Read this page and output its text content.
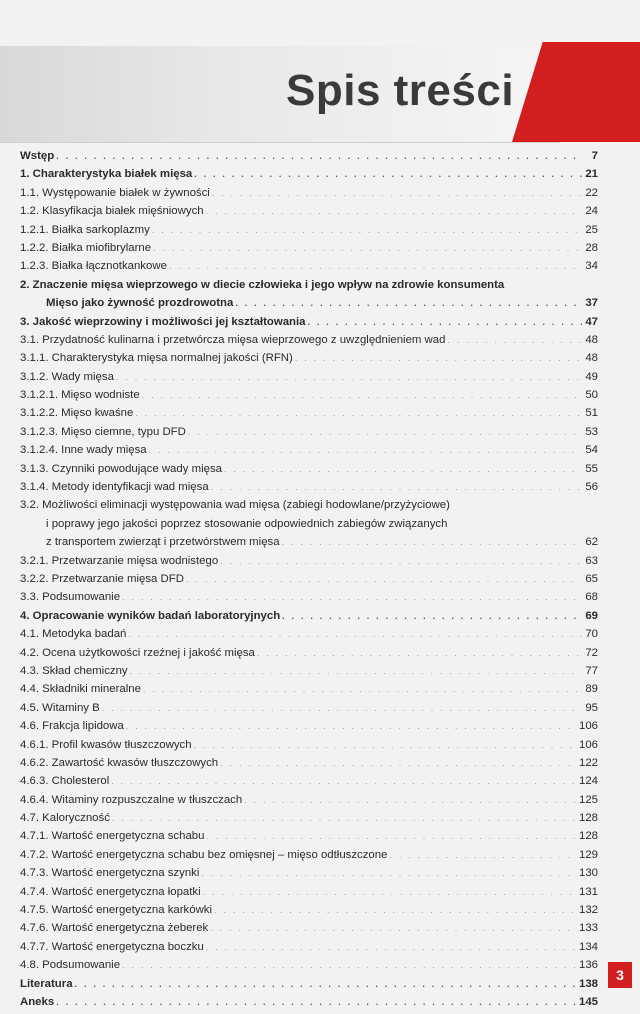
Spis treści
Wstęp . . .	7
1. Charakterystyka białek mięsa . . .	21
1.1. Występowanie białek w żywności . . .	22
1.2. Klasyfikacja białek mięśniowych . . .	24
1.2.1. Białka sarkoplazmy . . .	25
1.2.2. Białka miofibrylarne . . .	28
1.2.3. Białka łącznotkankowe . . .	34
2. Znaczenie mięsa wieprzowego w diecie człowieka i jego wpływ na zdrowie konsumenta
Mięso jako żywność prozdrowotna . . .	37
3. Jakość wieprzowiny i możliwości jej kształtowania . . .	47
3.1. Przydatność kulinarna i przetwórcza mięsa wieprzowego z uwzględnieniem wad . . .	48
3.1.1. Charakterystyka mięsa normalnej jakości (RFN) . . .	48
3.1.2. Wady mięsa . . .	49
3.1.2.1. Mięso wodniste . . .	50
3.1.2.2. Mięso kwaśne . . .	51
3.1.2.3. Mięso ciemne, typu DFD . . .	53
3.1.2.4. Inne wady mięsa . . .	54
3.1.3. Czynniki powodujące wady mięsa . . .	55
3.1.4. Metody identyfikacji wad mięsa . . .	56
3.2. Możliwości eliminacji występowania wad mięsa (zabiegi hodowlane/przyżyciowe)
i poprawy jego jakości poprzez stosowanie odpowiednich zabiegów związanych
z transportem zwierząt i przetwórstwem mięsa . . .	62
3.2.1. Przetwarzanie mięsa wodnistego . . .	63
3.2.2. Przetwarzanie mięsa DFD . . .	65
3.3. Podsumowanie . . .	68
4. Opracowanie wyników badań laboratoryjnych . . .	69
4.1. Metodyka badań . . .	70
4.2. Ocena użytkowości rzeźnej i jakość mięsa . . .	72
4.3. Skład chemiczny . . .	77
4.4. Składniki mineralne . . .	89
4.5. Witaminy B . . .	95
4.6. Frakcja lipidowa . . .	106
4.6.1. Profil kwasów tłuszczowych . . .	106
4.6.2. Zawartość kwasów tłuszczowych . . .	122
4.6.3. Cholesterol . . .	124
4.6.4. Witaminy rozpuszczalne w tłuszczach . . .	125
4.7. Kaloryczność . . .	128
4.7.1. Wartość energetyczna schabu . . .	128
4.7.2. Wartość energetyczna schabu bez omięsnej – mięso odtłuszczone . . .	129
4.7.3. Wartość energetyczna szynki . . .	130
4.7.4. Wartość energetyczna łopatki . . .	131
4.7.5. Wartość energetyczna karkówki . . .	132
4.7.6. Wartość energetyczna żeberek . . .	133
4.7.7. Wartość energetyczna boczku . . .	134
4.8. Podsumowanie . . .	136
Literatura . . .	138
Aneks . . .	145
3
